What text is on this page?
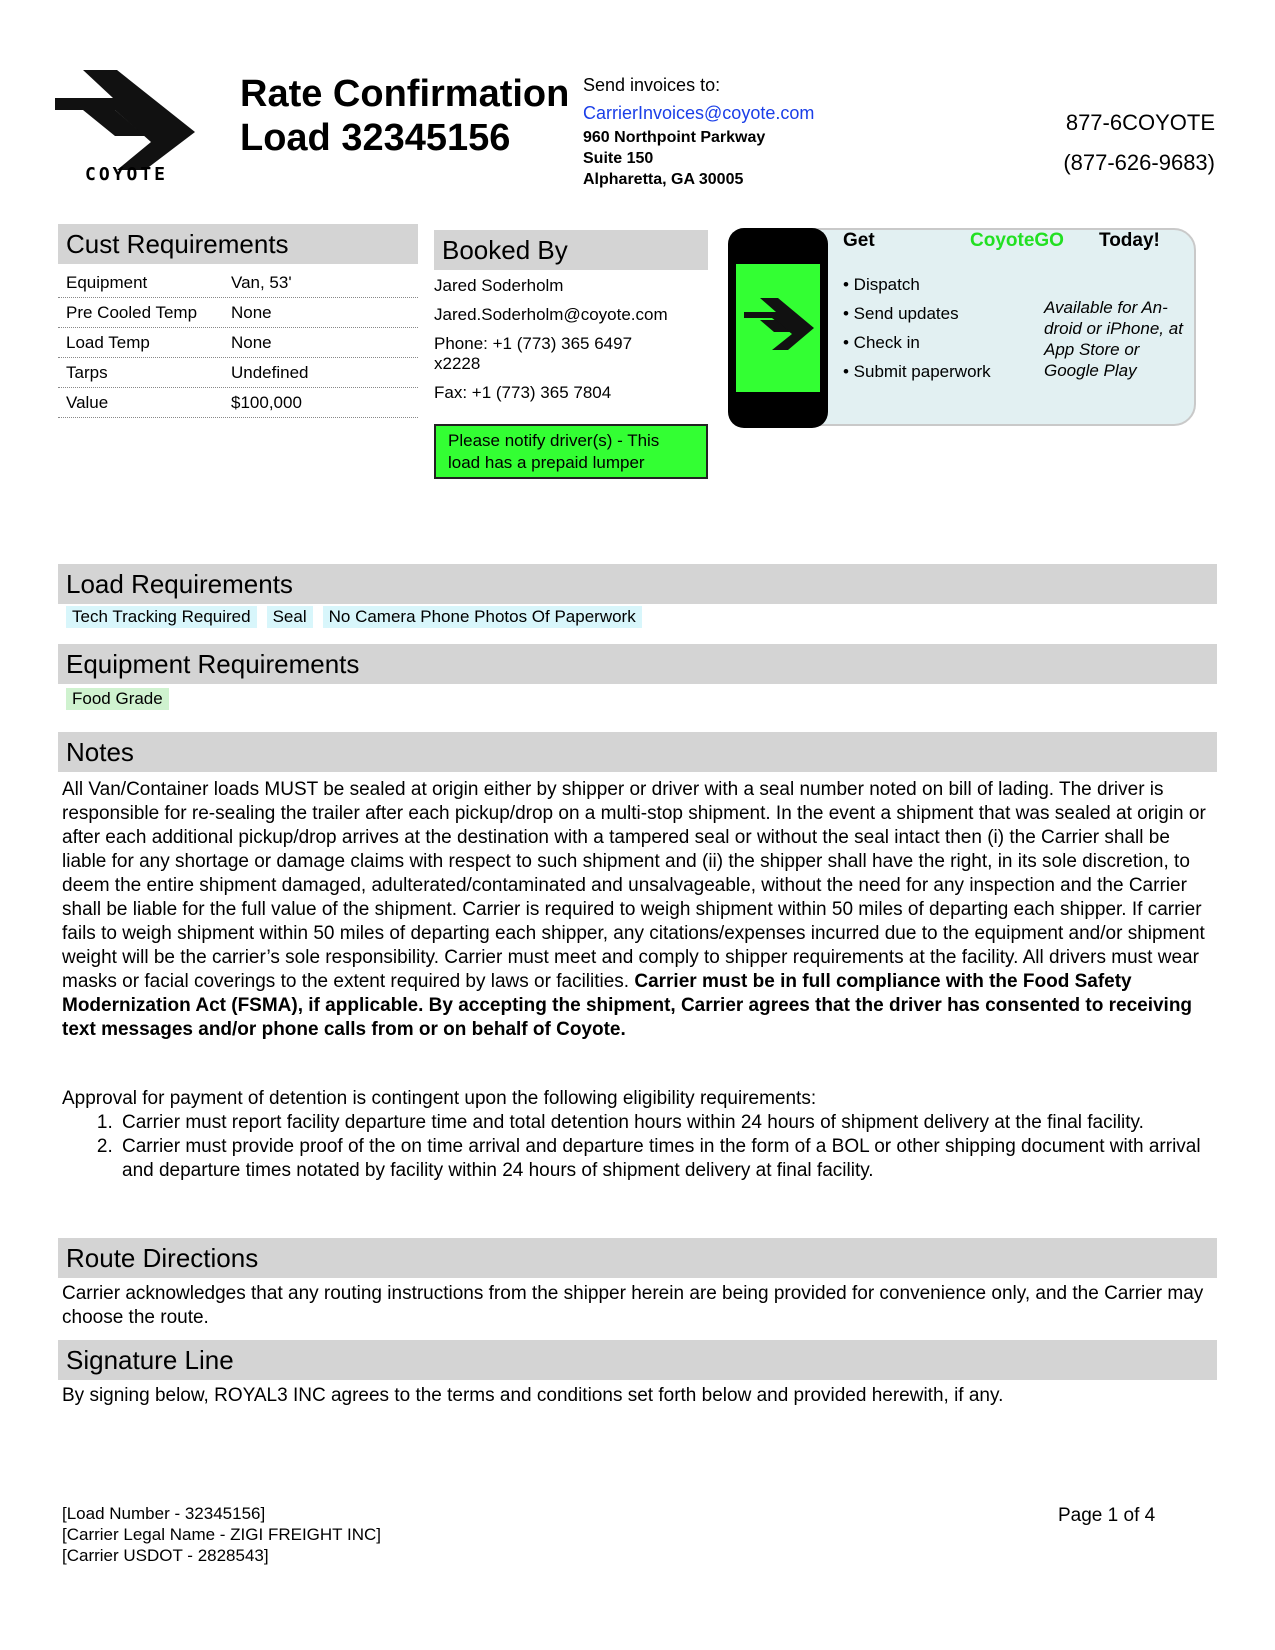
COYOTE
Rate Confirmation
Load 32345156
Send invoices to:
CarrierInvoices@coyote.com
960 Northpoint Parkway
Suite 150
Alpharetta, GA 30005
877-6COYOTE
(877-626-9683)
Cust Requirements
Equipment	Van, 53'
Pre Cooled Temp	None
Load Temp	None
Tarps	Undefined
Value	$100,000
Booked By
Jared Soderholm
Jared.Soderholm@coyote.com
Phone: +1 (773) 365 6497
x2228
Fax: +1 (773) 365 7804
Please notify driver(s) - This load has a prepaid lumper
Get	CoyoteGO Today!
• Dispatch
• Send updates
• Check in
• Submit paperwork
Available for An- droid or iPhone, at App Store or Google Play
Load Requirements
Tech Tracking Required	Seal	No Camera Phone Photos Of Paperwork
Equipment Requirements
Food Grade
Notes
All Van/Container loads MUST be sealed at origin either by shipper or driver with a seal number noted on bill of lading. The driver is responsible for re-sealing the trailer after each pickup/drop on a multi-stop shipment. In the event a shipment that was sealed at origin or after each additional pickup/drop arrives at the destination with a tampered seal or without the seal intact then (i) the Carrier shall be liable for any shortage or damage claims with respect to such shipment and (ii) the shipper shall have the right, in its sole discretion, to deem the entire shipment damaged, adulterated/contaminated and unsalvageable, without the need for any inspection and the Carrier shall be liable for the full value of the shipment. Carrier is required to weigh shipment within 50 miles of departing each shipper. If carrier fails to weigh shipment within 50 miles of departing each shipper, any citations/expenses incurred due to the equipment and/or shipment weight will be the carrier’s sole responsibility. Carrier must meet and comply to shipper requirements at the facility. All drivers must wear masks or facial coverings to the extent required by laws or facilities. Carrier must be in full compliance with the Food Safety Modernization Act (FSMA), if applicable. By accepting the shipment, Carrier agrees that the driver has consented to receiving text messages and/or phone calls from or on behalf of Coyote.
Approval for payment of detention is contingent upon the following eligibility requirements:
1. Carrier must report facility departure time and total detention hours within 24 hours of shipment delivery at the final facility.
2. Carrier must provide proof of the on time arrival and departure times in the form of a BOL or other shipping document with arrival and departure times notated by facility within 24 hours of shipment delivery at final facility.
Route Directions
Carrier acknowledges that any routing instructions from the shipper herein are being provided for convenience only, and the Carrier may choose the route.
Signature Line
By signing below, ROYAL3 INC agrees to the terms and conditions set forth below and provided herewith, if any.
[Load Number - 32345156]
[Carrier Legal Name - ZIGI FREIGHT INC]
[Carrier USDOT - 2828543]
Page 1 of 4
